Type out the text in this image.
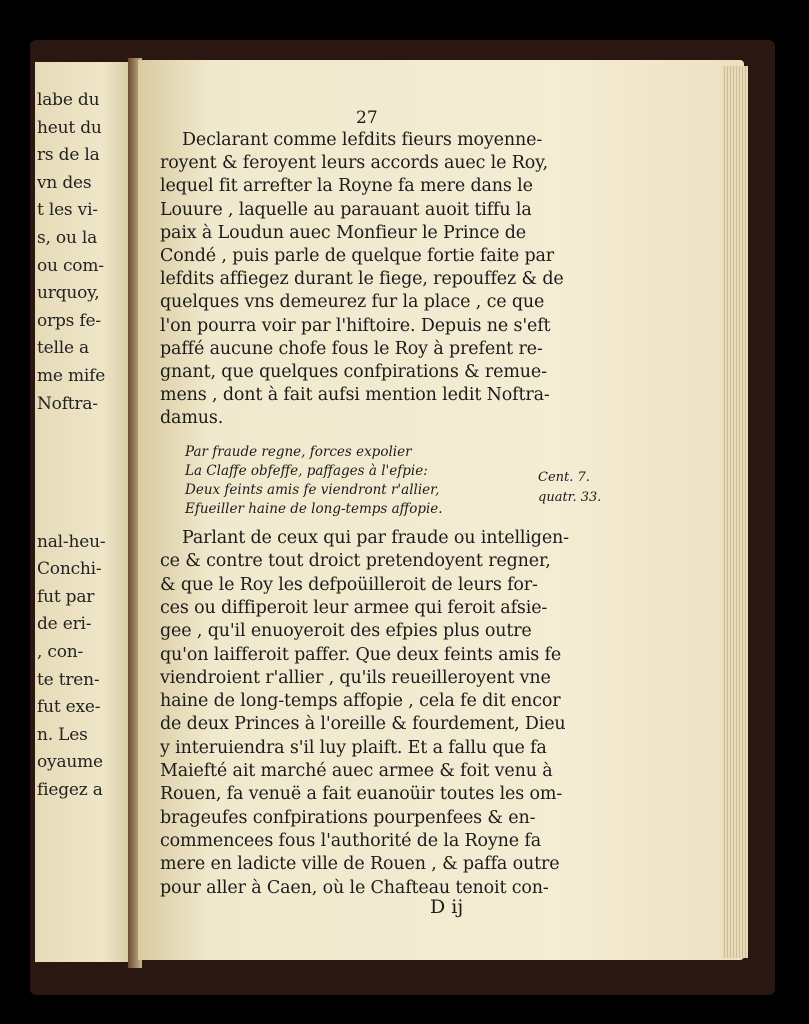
labe du
heut du
rs de la
vn des
t les vi-
s, ou la
ou com-
urquoy,
orps fe-
telle a
me mife
Noftra-
nal-heu-
Conchi-
fut par
de eri-
, con-
te tren-
fut exe-
n. Les
oyaume
fiegez a
27
D ij
Declarant comme lefdits fieurs moyenne-
royent & feroyent leurs accords auec le Roy,
lequel fit arrefter la Royne fa mere dans le
Louure , laquelle au parauant auoit tiffu la
paix à Loudun auec Monfieur le Prince de
Condé , puis parle de quelque fortie faite par
lefdits affiegez durant le fiege, repouffez & de
quelques vns demeurez fur la place , ce que
l'on pourra voir par l'hiftoire. Depuis ne s'eft
paffé aucune chofe fous le Roy à prefent re-
gnant, que quelques confpirations & remue-
mens , dont à fait aufsi mention ledit Noftra-
damus.
Par fraude regne, forces expolier
La Claffe obfeffe, paffages à l'efpie:
Deux feints amis fe viendront r'allier,
Efueiller haine de long-temps affopie.
Cent. 7.
quatr. 33.
Parlant de ceux qui par fraude ou intelligen-
ce & contre tout droict pretendoyent regner,
& que le Roy les defpoüilleroit de leurs for-
ces ou diffiperoit leur armee qui feroit afsie-
gee , qu'il enuoyeroit des efpies plus outre
qu'on laifferoit paffer. Que deux feints amis fe
viendroient r'allier , qu'ils reueilleroyent vne
haine de long-temps affopie , cela fe dit encor
de deux Princes à l'oreille & fourdement, Dieu
y interuiendra s'il luy plaift. Et a fallu que fa
Maiefté ait marché auec armee & foit venu à
Rouen, fa venuë a fait euanoüir toutes les om-
brageufes confpirations pourpenfees & en-
commencees fous l'authorité de la Royne fa
mere en ladicte ville de Rouen , & paffa outre
pour aller à Caen, où le Chafteau tenoit con-
